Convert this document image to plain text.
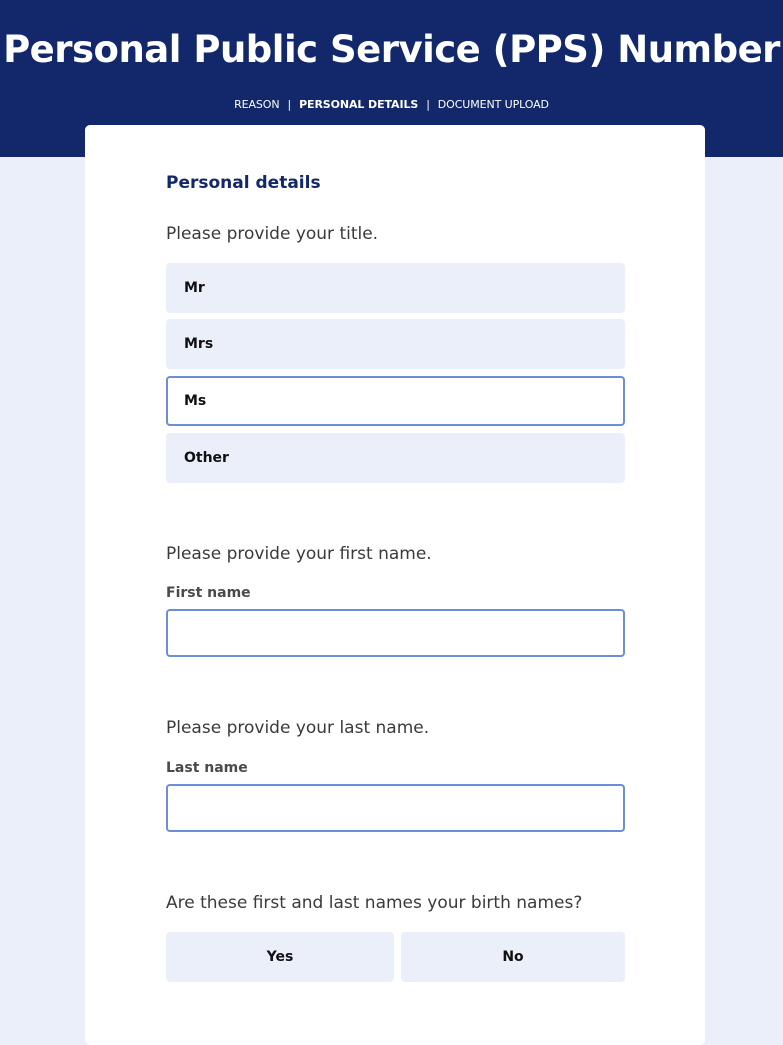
Personal Public Service (PPS) Number
REASON | PERSONAL DETAILS | DOCUMENT UPLOAD
Personal details

Please provide your title.

Mr
Mrs
Ms
Other

Please provide your first name.

First name

Please provide your last name.

Last name

Are these first and last names your birth names?

Yes	No
